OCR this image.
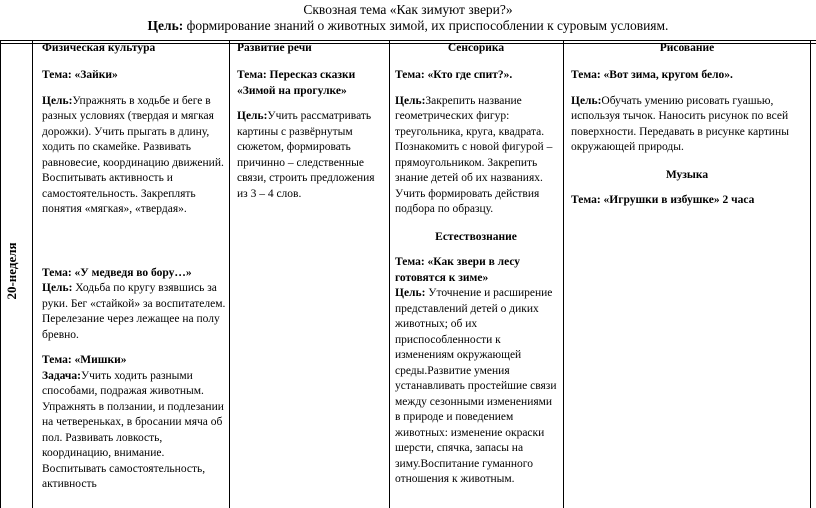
Сквозная тема «Как зимуют звери?»
Цель: формирование знаний о животных зимой, их приспособлении к суровым условиям.
20-неделя
Физическая культура
Тема: «Зайки»
Цель:Упражнять в ходьбе и беге в разных условиях (твердая и мягкая дорожки). Учить прыгать в длину, ходить по скамейке. Развивать равновесие, координацию движений. Воспитывать активность и самостоятельность. Закреплять понятия «мягкая», «твердая».
Тема: «У медведя во бору…»
Цель: Ходьба по кругу взявшись за руки. Бег «стайкой» за воспитателем. Перелезание через лежащее на полу бревно.
Тема: «Мишки»
Задача:Учить ходить разными способами, подражая животным. Упражнять в ползании, и подлезании на четвереньках, в бросании мяча об пол. Развивать ловкость, координацию, внимание. Воспитывать самостоятельность, активность
Развитие речи
Тема: Пересказ сказки «Зимой на прогулке»
Цель:Учить рассматривать картины с развёрнутым сюжетом, формировать причинно – следственные связи, строить предложения из 3 – 4 слов.
Сенсорика
Тема: «Кто где спит?».
Цель:Закрепить название геометрических фигур: треугольника, круга, квадрата. Познакомить с новой фигурой – прямоугольником. Закрепить знание детей об их названиях. Учить формировать действия подбора по образцу.
Естествознание
Тема: «Как звери в лесу готовятся к зиме»
Цель: Уточнение и расширение представлений детей о диких животных; об их приспособленности к изменениям окружающей среды.Развитие умения устанавливать простейшие связи между сезонными изменениями в природе и поведением животных: изменение окраски шерсти, спячка, запасы на зиму.Воспитание гуманного отношения к животным.
Рисование
Тема: «Вот зима, кругом бело».
Цель:Обучать умению рисовать гуашью, используя тычок. Наносить рисунок по всей поверхности. Передавать в рисунке картины окружающей природы.
Музыка
Тема: «Игрушки в избушке» 2 часа
